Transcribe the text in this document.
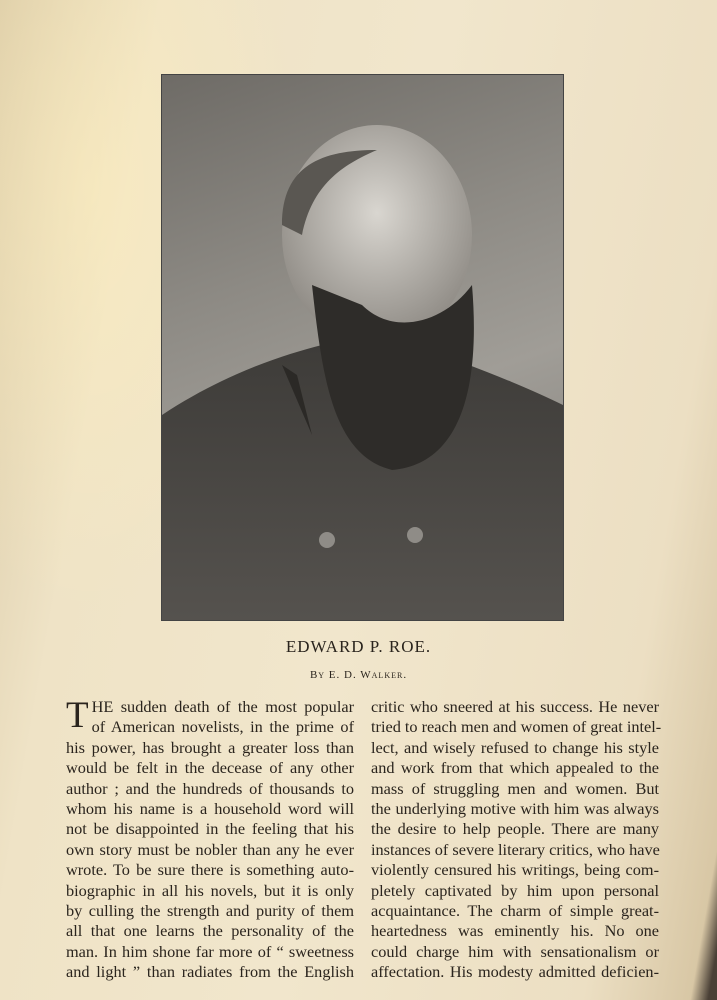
EDWARD P. ROE.
By E. D. Walker.
T HE sudden death of the most popular
of American novelists, in the prime of
his power, has brought a greater loss than
would be felt in the decease of any other
author ; and the hundreds of thousands to
whom his name is a household word will
not be disappointed in the feeling that his
own story must be nobler than any he ever
wrote. To be sure there is something auto-
biographic in all his novels, but it is only
by culling the strength and purity of them
all that one learns the personality of the
man. In him shone far more of “ sweetness
and light ” than radiates from the English
critic who sneered at his success. He never
tried to reach men and women of great intel-
lect, and wisely refused to change his style
and work from that which appealed to the
mass of struggling men and women. But
the underlying motive with him was always
the desire to help people. There are many
instances of severe literary critics, who have
violently censured his writings, being com-
pletely captivated by him upon personal
acquaintance. The charm of simple great-
heartedness was eminently his. No one
could charge him with sensationalism or
affectation. His modesty admitted deficien-
